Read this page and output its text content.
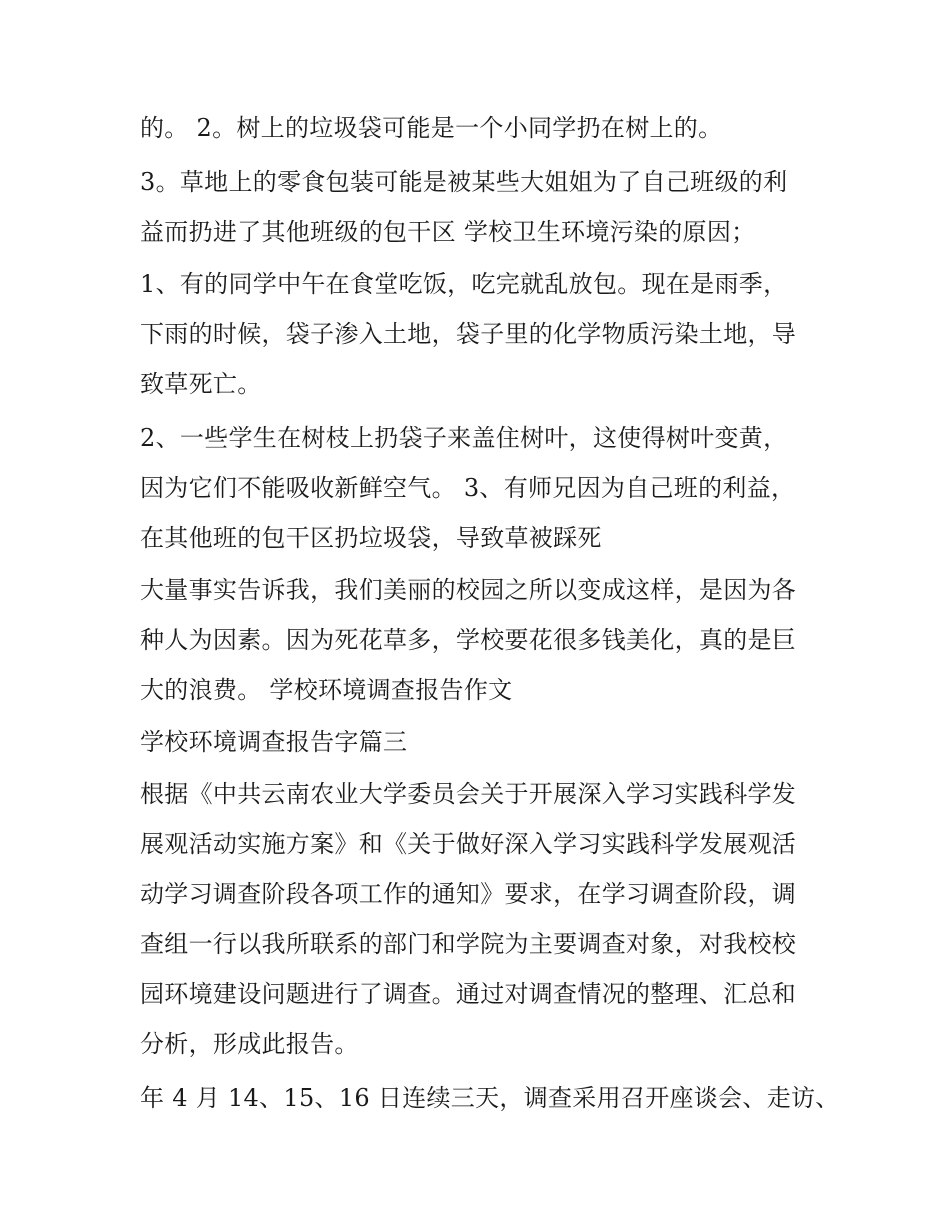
的。 2。树上的垃圾袋可能是一个小同学扔在树上的。
3。草地上的零食包装可能是被某些大姐姐为了自己班级的利
益而扔进了其他班级的包干区 学校卫生环境污染的原因；
1、有的同学中午在食堂吃饭，吃完就乱放包。现在是雨季，
下雨的时候，袋子渗入土地，袋子里的化学物质污染土地，导
致草死亡。
2、一些学生在树枝上扔袋子来盖住树叶，这使得树叶变黄，
因为它们不能吸收新鲜空气。 3、有师兄因为自己班的利益，
在其他班的包干区扔垃圾袋，导致草被踩死
大量事实告诉我，我们美丽的校园之所以变成这样，是因为各
种人为因素。因为死花草多，学校要花很多钱美化，真的是巨
大的浪费。 学校环境调查报告作文
学校环境调查报告字篇三
根据《中共云南农业大学委员会关于开展深入学习实践科学发
展观活动实施方案》和《关于做好深入学习实践科学发展观活
动学习调查阶段各项工作的通知》要求，在学习调查阶段，调
查组一行以我所联系的部门和学院为主要调查对象，对我校校
园环境建设问题进行了调查。通过对调查情况的整理、汇总和
分析，形成此报告。
年 4 月 14、15、16 日连续三天，调查采用召开座谈会、走访、
